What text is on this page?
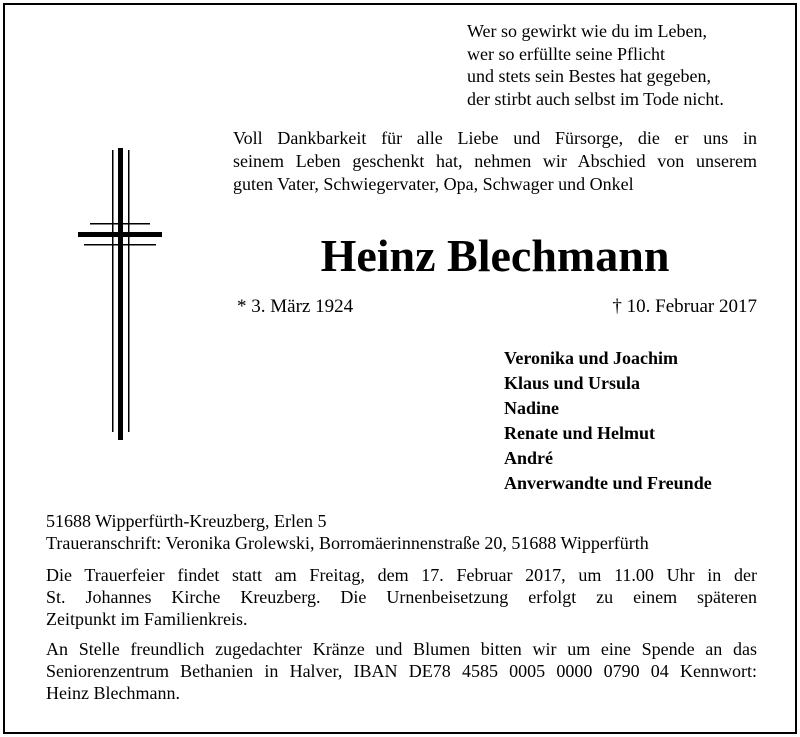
Wer so gewirkt wie du im Leben,
wer so erfüllte seine Pflicht
und stets sein Bestes hat gegeben,
der stirbt auch selbst im Tode nicht.
Voll Dankbarkeit für alle Liebe und Fürsorge, die er uns in
seinem Leben geschenkt hat, nehmen wir Abschied von unserem
guten Vater, Schwiegervater, Opa, Schwager und Onkel
Heinz Blechmann
* 3. März 1924	† 10. Februar 2017
Veronika und Joachim
Klaus und Ursula
Nadine
Renate und Helmut
André
Anverwandte und Freunde

51688 Wipperfürth-Kreuzberg, Erlen 5
Traueranschrift: Veronika Grolewski, Borromäerinnenstraße 20, 51688 Wipperfürth

Die Trauerfeier findet statt am Freitag, dem 17. Februar 2017, um 11.00 Uhr in der
St. Johannes Kirche Kreuzberg. Die Urnenbeisetzung erfolgt zu einem späteren
Zeitpunkt im Familienkreis.

An Stelle freundlich zugedachter Kränze und Blumen bitten wir um eine Spende an das
Seniorenzentrum Bethanien in Halver, IBAN DE78 4585 0005 0000 0790 04 Kennwort:
Heinz Blechmann.
